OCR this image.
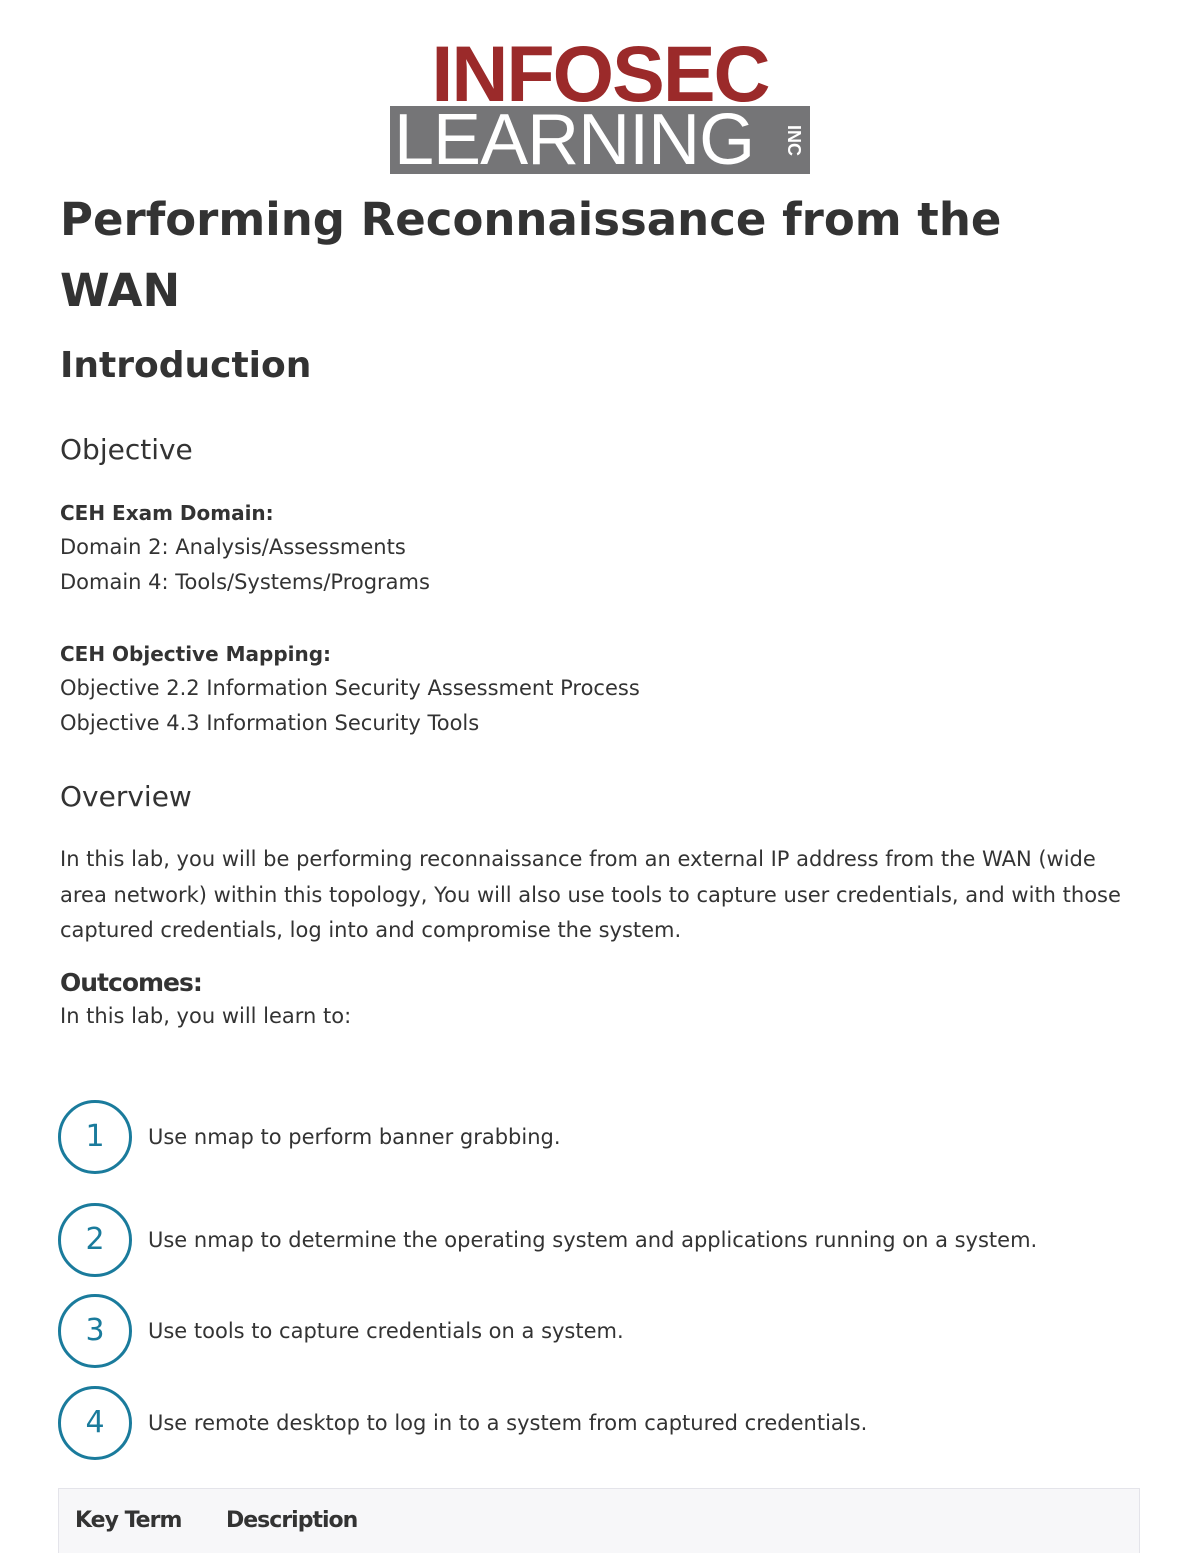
INFOSEC
LEARNING INC
Performing Reconnaissance from the WAN
Introduction
Objective
CEH Exam Domain:
Domain 2: Analysis/Assessments
Domain 4: Tools/Systems/Programs
CEH Objective Mapping:
Objective 2.2 Information Security Assessment Process
Objective 4.3 Information Security Tools
Overview

In this lab, you will be performing reconnaissance from an external IP address from the WAN (wide area network) within this topology, You will also use tools to capture user credentials, and with those captured credentials, log into and compromise the system.

Outcomes:
In this lab, you will learn to:
1	Use nmap to perform banner grabbing.
2	Use nmap to determine the operating system and applications running on a system.
3	Use tools to capture credentials on a system.
4	Use remote desktop to log in to a system from captured credentials.
Key Term Description
